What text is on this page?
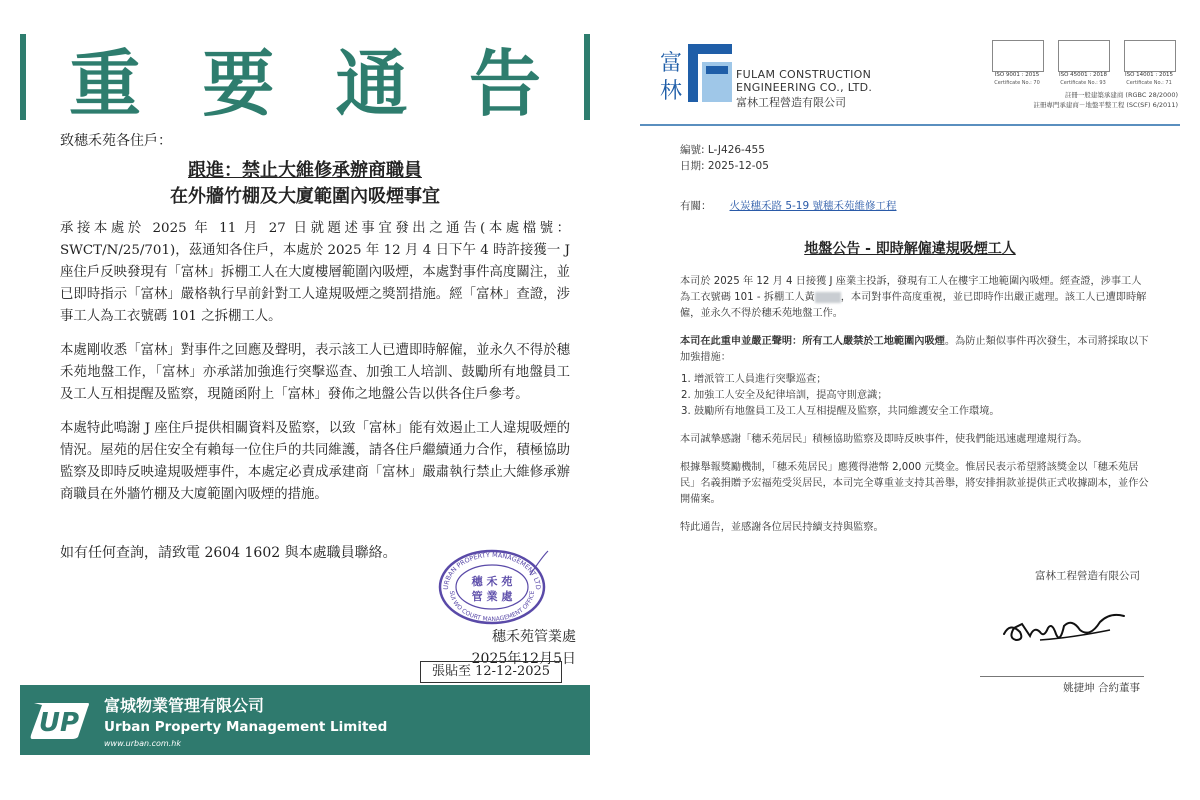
重 要 通 告
致穗禾苑各住戶：
跟進：禁止大維修承辦商職員
在外牆竹棚及大廈範圍內吸煙事宜

承接本處於 2025 年 11 月 27 日就題述事宜發出之通告(本處檔號：SWCT/N/25/701)，茲通知各住戶，本處於 2025 年 12 月 4 日下午 4 時許接獲一 J 座住戶反映發現有「富林」拆棚工人在大廈樓層範圍內吸煙，本處對事件高度關注，並已即時指示「富林」嚴格執行早前針對工人違規吸煙之獎罰措施。經「富林」查證，涉事工人為工衣號碼 101 之拆棚工人。

本處剛收悉「富林」對事件之回應及聲明，表示該工人已遭即時解僱，並永久不得於穗禾苑地盤工作，「富林」亦承諾加強進行突擊巡查、加強工人培訓、鼓勵所有地盤員工及工人互相提醒及監察，現隨函附上「富林」發佈之地盤公告以供各住戶參考。

本處特此鳴謝 J 座住戶提供相關資料及監察，以致「富林」能有效遏止工人違規吸煙的情況。屋苑的居住安全有賴每一位住戶的共同維護，請各住戶繼續通力合作，積極協助監察及即時反映違規吸煙事件，本處定必責成承建商「富林」嚴肅執行禁止大維修承辦商職員在外牆竹棚及大廈範圍內吸煙的措施。

如有任何查詢，請致電 2604 1602 與本處職員聯絡。
URBAN PROPERTY MANAGEMENT LTD
SUI WO COURT MANAGEMENT OFFICE
穗 禾 苑
管 業 處
穗禾苑管業處
2025年12月5日
張貼至 12-12-2025
UP
富城物業管理有限公司
Urban Property Management Limited
www.urban.com.hk
富
林
FULAM CONSTRUCTION
ENGINEERING CO., LTD.
富林工程營造有限公司
ISO 9001 : 2015
Certificate No.: 70
ISO 45001 : 2018
Certificate No.: 93
ISO 14001 : 2015
Certificate No.: 71
註冊一般建築承建商 (RGBC 28/2000)
註冊專門承建商－地盤平整工程 (SC(SF) 6/2011)
編號: L-J426-455
日期: 2025-12-05
有關： 火炭穗禾路 5-19 號穗禾苑維修工程
地盤公告 - 即時解僱違規吸煙工人

本司於 2025 年 12 月 4 日接獲 J 座業主投訴，發現有工人在樓宇工地範圍內吸煙。經查證，涉事工人為工衣號碼 101 - 拆棚工人黃	，本司對事件高度重視，並已即時作出嚴正處理。該工人已遭即時解僱，並永久不得於穗禾苑地盤工作。

本司在此重申並嚴正聲明：所有工人嚴禁於工地範圍內吸煙。為防止類似事件再次發生，本司將採取以下加強措施：

1. 增派管工人員進行突擊巡查；
2. 加強工人安全及紀律培訓，提高守則意識；
3. 鼓勵所有地盤員工及工人互相提醒及監察，共同維護安全工作環境。

本司誠摯感謝「穗禾苑居民」積極協助監察及即時反映事件，使我們能迅速處理違規行為。

根據舉報獎勵機制，「穗禾苑居民」應獲得港幣 2,000 元獎金。惟居民表示希望將該獎金以「穗禾苑居民」名義捐贈予宏福苑受災居民，本司完全尊重並支持其善舉，將安排捐款並提供正式收據副本，並作公開備案。

特此通告，並感謝各位居民持續支持與監察。

富林工程營造有限公司
姚捷坤 合約董事
